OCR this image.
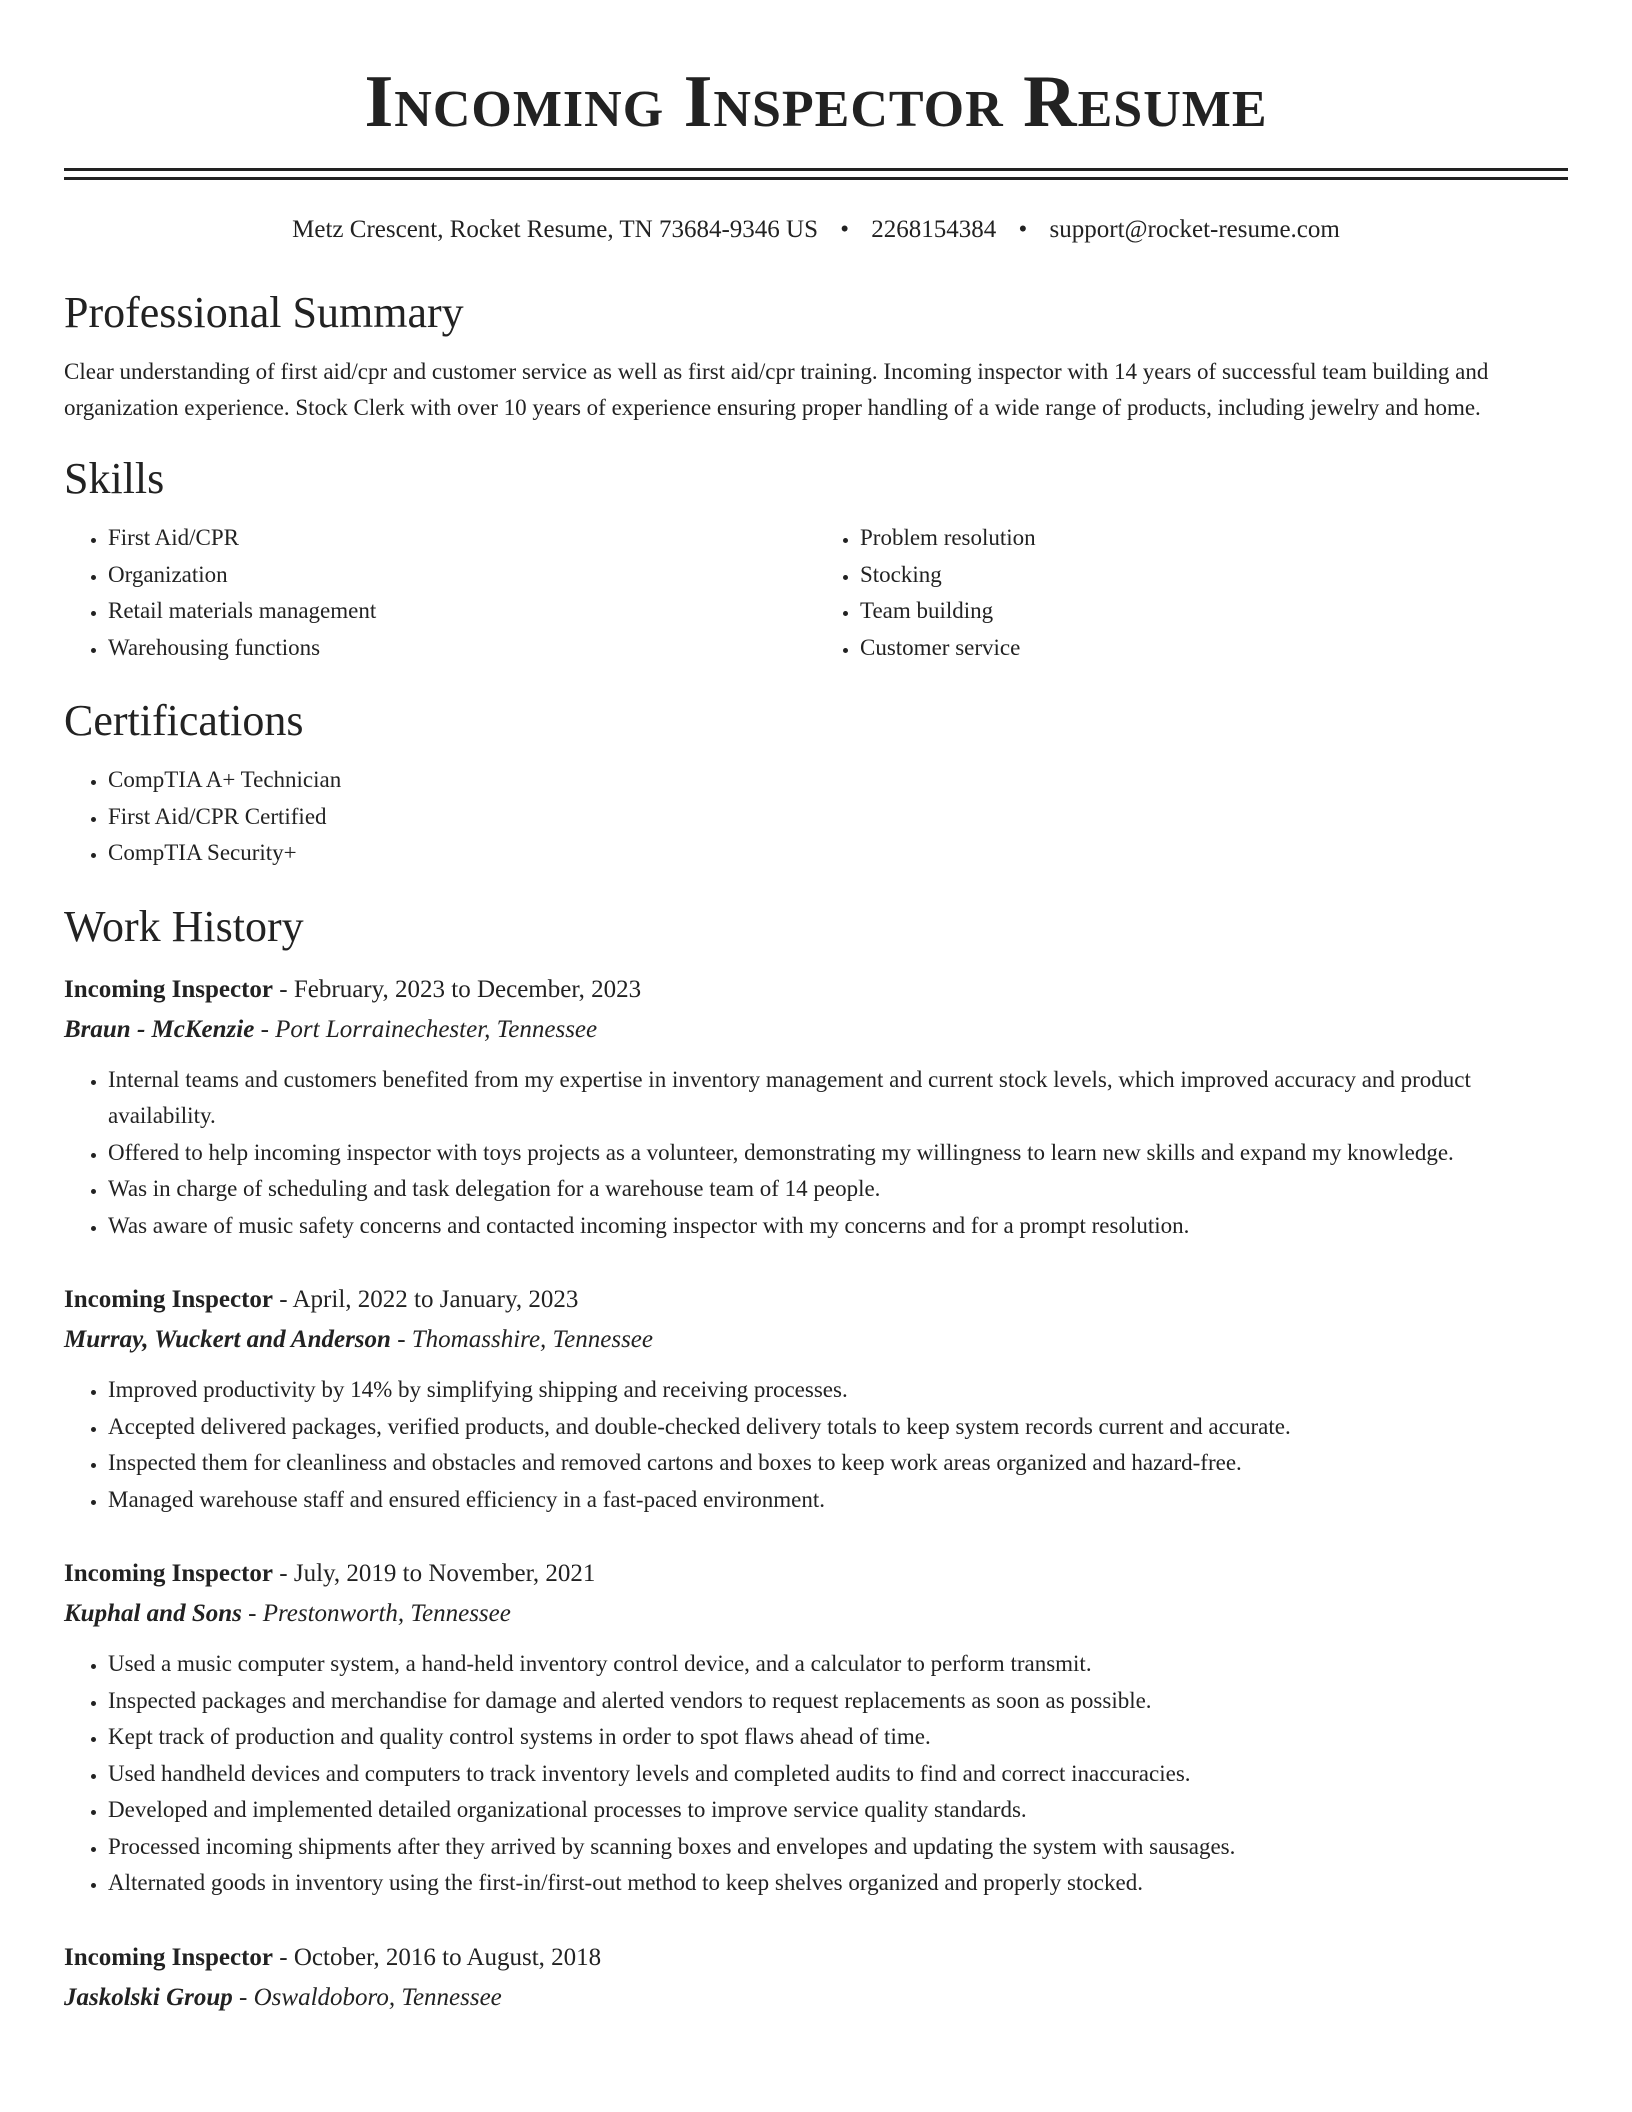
Incoming Inspector Resume
Metz Crescent, Rocket Resume, TN 73684-9346 US • 2268154384 • support@rocket-resume.com
Professional Summary
Clear understanding of first aid/cpr and customer service as well as first aid/cpr training. Incoming inspector with 14 years of successful team building and organization experience. Stock Clerk with over 10 years of experience ensuring proper handling of a wide range of products, including jewelry and home.
Skills
• First Aid/CPR
• Organization
• Retail materials management
• Warehousing functions
• Problem resolution
• Stocking
• Team building
• Customer service
Certifications
• CompTIA A+ Technician
• First Aid/CPR Certified
• CompTIA Security+
Work History
Incoming Inspector - February, 2023 to December, 2023
Braun - McKenzie - Port Lorrainechester, Tennessee
• Internal teams and customers benefited from my expertise in inventory management and current stock levels, which improved accuracy and product availability.
• Offered to help incoming inspector with toys projects as a volunteer, demonstrating my willingness to learn new skills and expand my knowledge.
• Was in charge of scheduling and task delegation for a warehouse team of 14 people.
• Was aware of music safety concerns and contacted incoming inspector with my concerns and for a prompt resolution.
Incoming Inspector - April, 2022 to January, 2023
Murray, Wuckert and Anderson - Thomasshire, Tennessee
• Improved productivity by 14% by simplifying shipping and receiving processes.
• Accepted delivered packages, verified products, and double-checked delivery totals to keep system records current and accurate.
• Inspected them for cleanliness and obstacles and removed cartons and boxes to keep work areas organized and hazard-free.
• Managed warehouse staff and ensured efficiency in a fast-paced environment.
Incoming Inspector - July, 2019 to November, 2021
Kuphal and Sons - Prestonworth, Tennessee
• Used a music computer system, a hand-held inventory control device, and a calculator to perform transmit.
• Inspected packages and merchandise for damage and alerted vendors to request replacements as soon as possible.
• Kept track of production and quality control systems in order to spot flaws ahead of time.
• Used handheld devices and computers to track inventory levels and completed audits to find and correct inaccuracies.
• Developed and implemented detailed organizational processes to improve service quality standards.
• Processed incoming shipments after they arrived by scanning boxes and envelopes and updating the system with sausages.
• Alternated goods in inventory using the first-in/first-out method to keep shelves organized and properly stocked.
Incoming Inspector - October, 2016 to August, 2018
Jaskolski Group - Oswaldoboro, Tennessee
